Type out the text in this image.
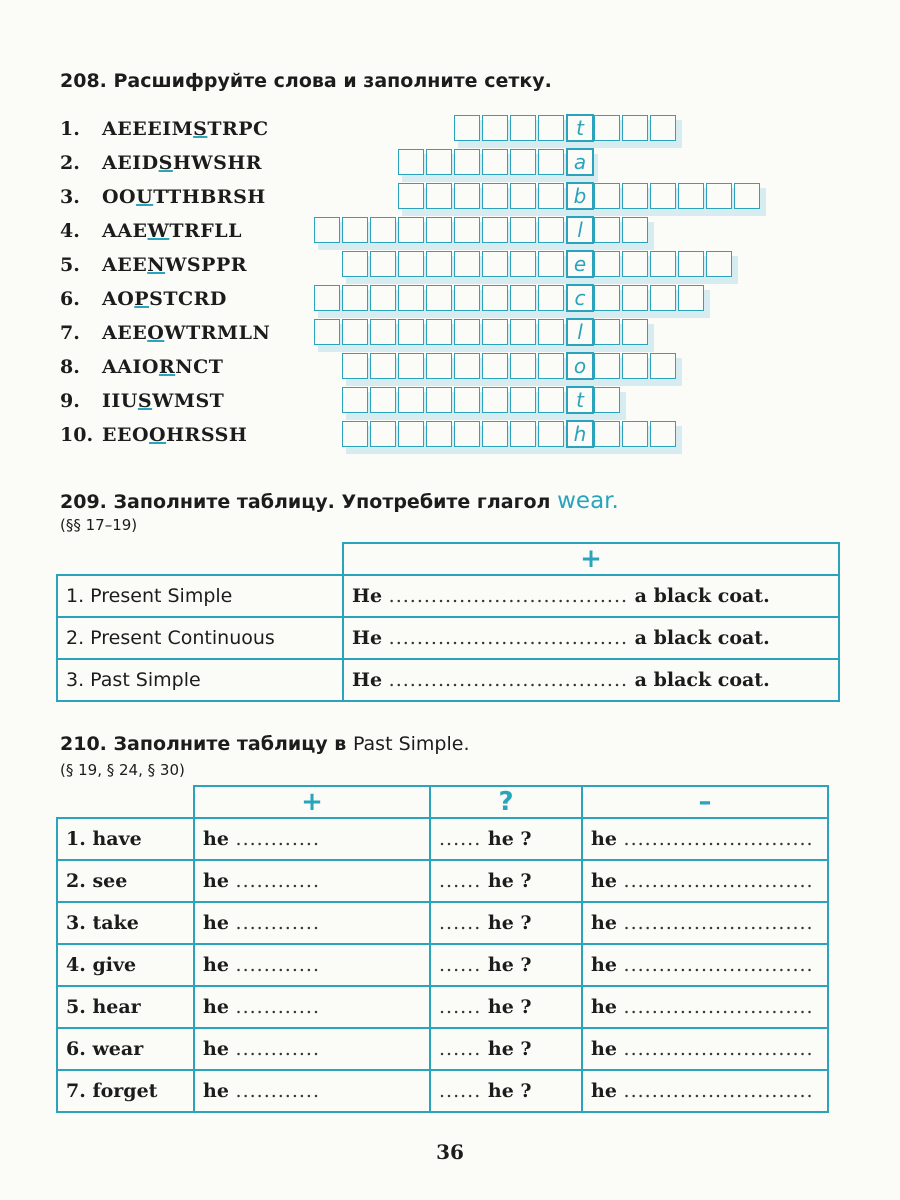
208. Расшифруйте слова и заполните сетку.
1. AEEEIMSTRPC
2. AEIDSHWSHR
3. OOUTTHBRSH
4. AAEWTRFLL
5. AEENWSPPR
6. AOPSTCRD
7. AEEOWTRMLN
8. AAIORNCT
9. IIUSWMST
10. EEOOHRSSH
t
a
b
l
e
c
l
o
t
h
209. Заполните таблицу. Употребите глагол wear.
(§§ 17–19)
	+
1. Present Simple	He .................................. a black coat.
2. Present Continuous	He .................................. a black coat.
3. Past Simple	He .................................. a black coat.
210. Заполните таблицу в Past Simple.
(§ 19, § 24, § 30)
	+	?	–
1. have	he ............	...... he ?	he ...........................
2. see	he ............	...... he ?	he ...........................
3. take	he ............	...... he ?	he ...........................
4. give	he ............	...... he ?	he ...........................
5. hear	he ............	...... he ?	he ...........................
6. wear	he ............	...... he ?	he ...........................
7. forget	he ............	...... he ?	he ...........................
36
